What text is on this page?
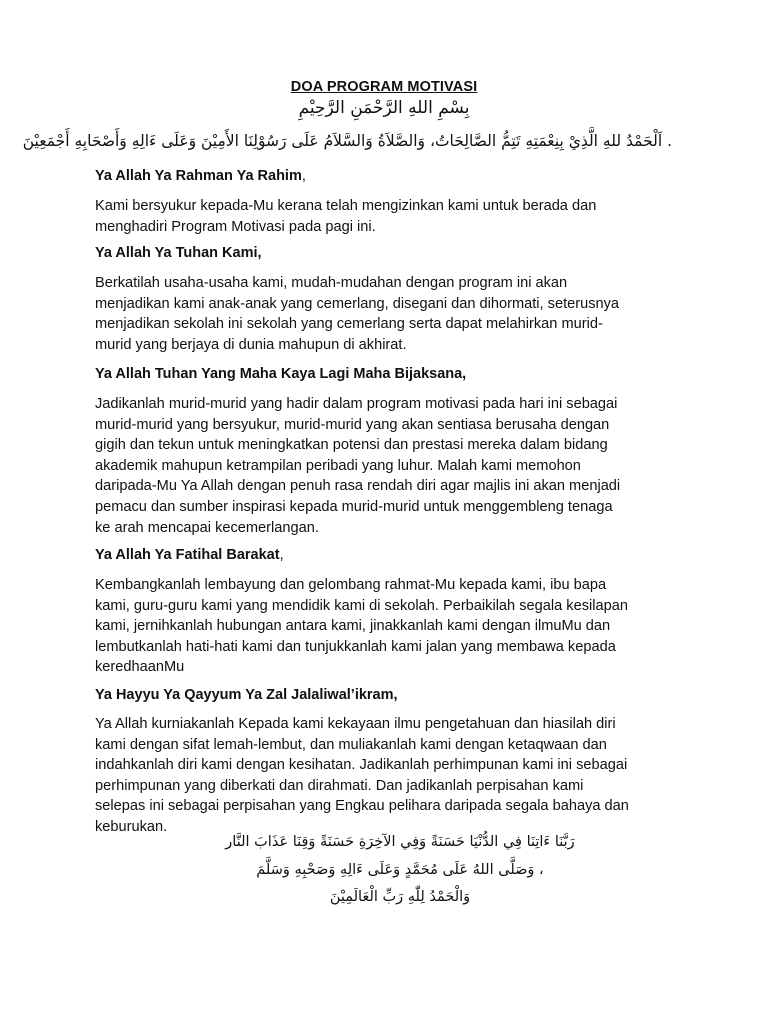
DOA PROGRAM MOTIVASI
بِسْمِ اللهِ الرَّحْمَنِ الرَّحِيْمِ
. اَلْحَمْدُ للهِ الَّذِيْ بِنِعْمَتِهِ تَتِمُّ الصَّالِحَاتُ، وَالصَّلاَةُ وَالسَّلاَمُ عَلَى رَسُوْلِنَا الأَمِيْنَ وَعَلَى ءَالِهِ وَأَصْحَابِهِ أَجْمَعِيْنَ
Ya Allah Ya Rahman Ya Rahim,
Kami bersyukur kepada-Mu kerana telah mengizinkan kami untuk berada dan
menghadiri Program Motivasi pada pagi ini.
Ya Allah Ya Tuhan Kami,
Berkatilah usaha-usaha kami, mudah-mudahan dengan program ini akan
menjadikan kami anak-anak yang cemerlang, disegani dan dihormati, seterusnya
menjadikan sekolah ini sekolah yang cemerlang serta dapat melahirkan murid-
murid yang berjaya di dunia mahupun di akhirat.
Ya Allah Tuhan Yang Maha Kaya Lagi Maha Bijaksana,
Jadikanlah murid-murid yang hadir dalam program motivasi pada hari ini sebagai
murid-murid yang bersyukur, murid-murid yang akan sentiasa berusaha dengan
gigih dan tekun untuk meningkatkan potensi dan prestasi mereka dalam bidang
akademik mahupun ketrampilan peribadi yang luhur. Malah kami memohon
daripada-Mu Ya Allah dengan penuh rasa rendah diri agar majlis ini akan menjadi
pemacu dan sumber inspirasi kepada murid-murid untuk menggembleng tenaga
ke arah mencapai kecemerlangan.
Ya Allah Ya Fatihal Barakat,
Kembangkanlah lembayung dan gelombang rahmat-Mu kepada kami, ibu bapa
kami, guru-guru kami yang mendidik kami di sekolah. Perbaikilah segala kesilapan
kami, jernihkanlah hubungan antara kami, jinakkanlah kami dengan ilmuMu dan
lembutkanlah hati-hati kami dan tunjukkanlah kami jalan yang membawa kepada
keredhaanMu
Ya Hayyu Ya Qayyum Ya Zal Jalaliwal’ikram,
Ya Allah kurniakanlah Kepada kami kekayaan ilmu pengetahuan dan hiasilah diri
kami dengan sifat lemah-lembut, dan muliakanlah kami dengan ketaqwaan dan
indahkanlah diri kami dengan kesihatan. Jadikanlah perhimpunan kami ini sebagai
perhimpunan yang diberkati dan dirahmati. Dan jadikanlah perpisahan kami
selepas ini sebagai perpisahan yang Engkau pelihara daripada segala bahaya dan
keburukan.
رَبَّنَا ءَاتِنَا فِي الدُّنْيَا حَسَنَةً وَفِي الآخِرَةِ حَسَنَةً وَقِنَا عَذَابَ النَّار
، وَصَلَّى اللهُ عَلَى مُحَمَّدٍ وَعَلَى ءَالِهِ وَصَحْبِهِ وَسَلَّمَ
وَالْحَمْدُ لِلّٰهِ رَبِّ الْعَالَمِيْنَ
